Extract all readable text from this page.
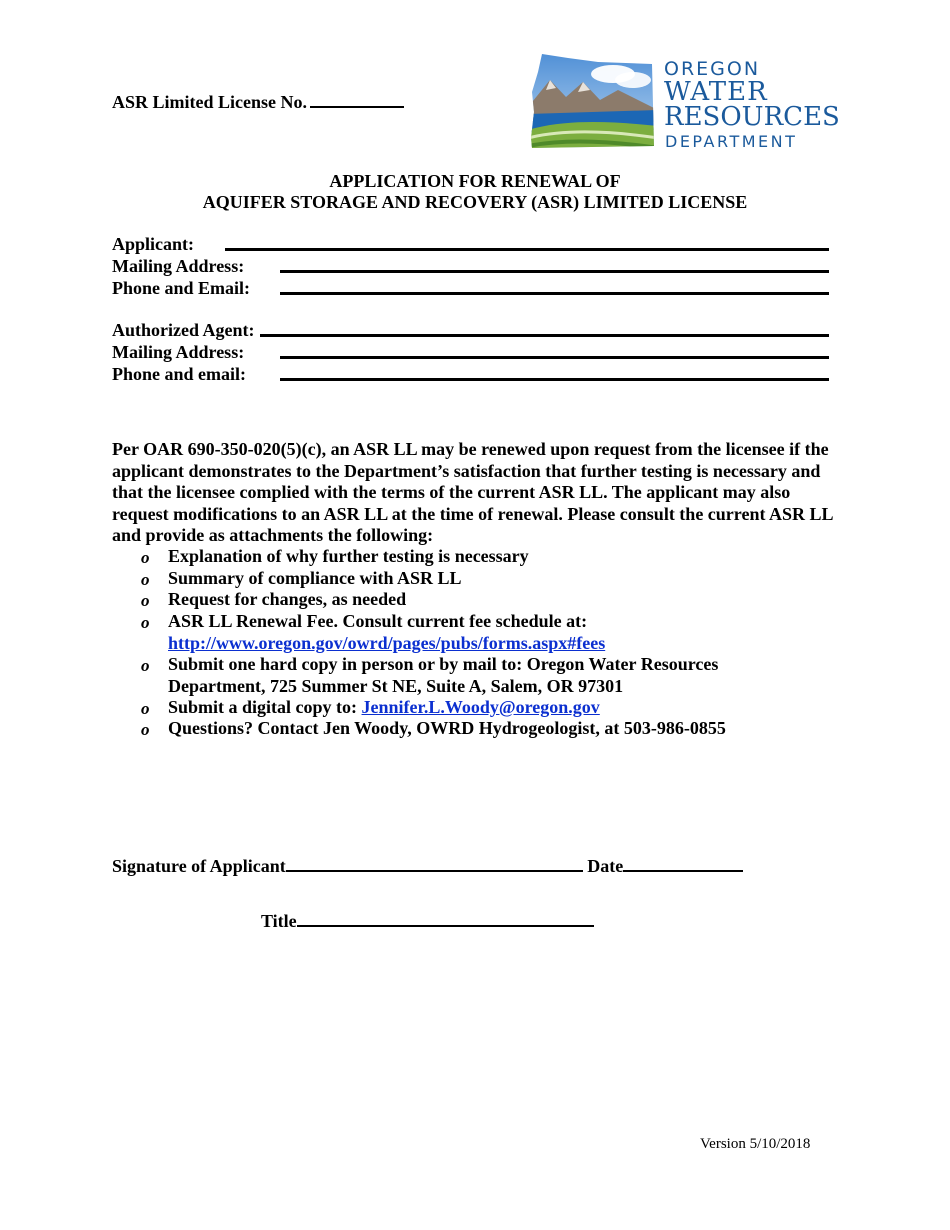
ASR Limited License No.
OREGON
WATER
RESOURCES
DEPARTMENT
APPLICATION FOR RENEWAL OF
AQUIFER STORAGE AND RECOVERY (ASR) LIMITED LICENSE
Applicant:
Mailing Address:
Phone and Email:
Authorized Agent:
Mailing Address:
Phone and email:
Per OAR 690-350-020(5)(c), an ASR LL may be renewed upon request from the licensee if the applicant demonstrates to the Department’s satisfaction that further testing is necessary and that the licensee complied with the terms of the current ASR LL. The applicant may also request modifications to an ASR LL at the time of renewal. Please consult the current ASR LL and provide as attachments the following:
o Explanation of why further testing is necessary
o Summary of compliance with ASR LL
o Request for changes, as needed
o ASR LL Renewal Fee. Consult current fee schedule at:
http://www.oregon.gov/owrd/pages/pubs/forms.aspx#fees
o Submit one hard copy in person or by mail to: Oregon Water Resources
Department, 725 Summer St NE, Suite A, Salem, OR 97301
o Submit a digital copy to: Jennifer.L.Woody@oregon.gov
o Questions? Contact Jen Woody, OWRD Hydrogeologist, at 503-986-0855
Signature of Applicant	Date
Title
Version 5/10/2018
